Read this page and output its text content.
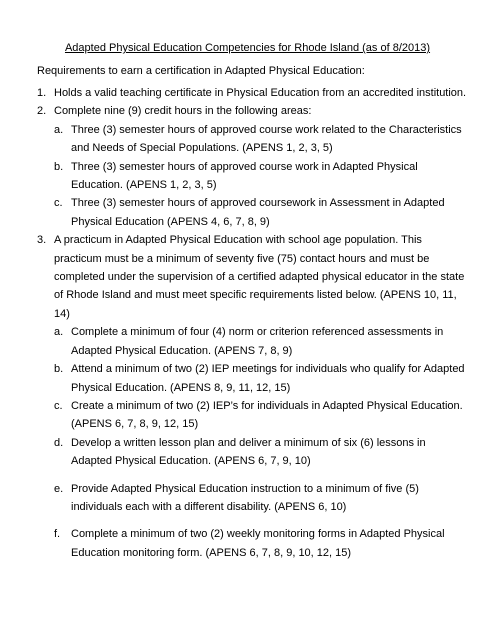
Adapted Physical Education Competencies for Rhode Island (as of 8/2013)
Requirements to earn a certification in Adapted Physical Education:
1. Holds a valid teaching certificate in Physical Education from an accredited institution.
2. Complete nine (9) credit hours in the following areas:
a. Three (3) semester hours of approved course work related to the Characteristics and Needs of Special Populations. (APENS 1, 2, 3, 5)
b. Three (3) semester hours of approved course work in Adapted Physical Education. (APENS 1, 2, 3, 5)
c. Three (3) semester hours of approved coursework in Assessment in Adapted Physical Education (APENS 4, 6, 7, 8, 9)
3. A practicum in Adapted Physical Education with school age population. This practicum must be a minimum of seventy five (75) contact hours and must be completed under the supervision of a certified adapted physical educator in the state of Rhode Island and must meet specific requirements listed below. (APENS 10, 11, 14)
a. Complete a minimum of four (4) norm or criterion referenced assessments in Adapted Physical Education. (APENS 7, 8, 9)
b. Attend a minimum of two (2) IEP meetings for individuals who qualify for Adapted Physical Education. (APENS 8, 9, 11, 12, 15)
c. Create a minimum of two (2) IEP’s for individuals in Adapted Physical Education. (APENS 6, 7, 8, 9, 12, 15)
d. Develop a written lesson plan and deliver a minimum of six (6) lessons in Adapted Physical Education. (APENS 6, 7, 9, 10)
e. Provide Adapted Physical Education instruction to a minimum of five (5) individuals each with a different disability. (APENS 6, 10)
f. Complete a minimum of two (2) weekly monitoring forms in Adapted Physical Education monitoring form. (APENS 6, 7, 8, 9, 10, 12, 15)
